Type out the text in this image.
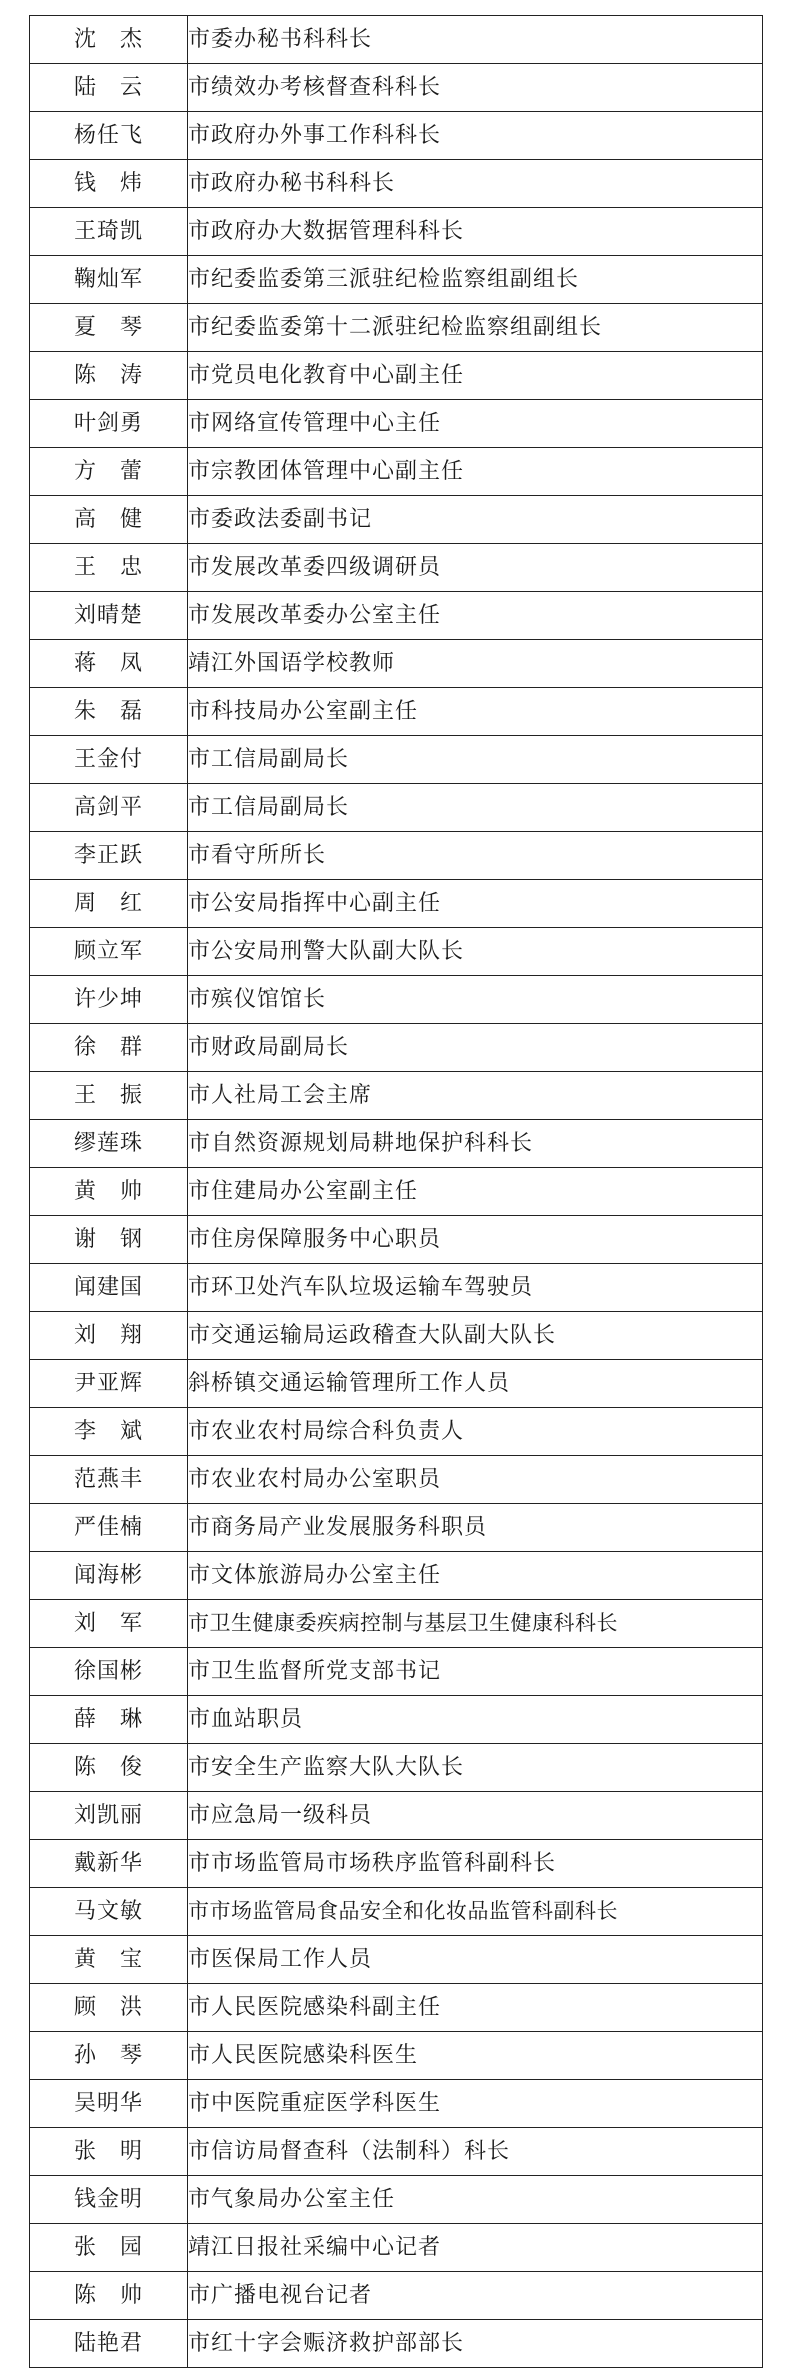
沈　杰	市委办秘书科科长
陆　云	市绩效办考核督查科科长
杨任飞	市政府办外事工作科科长
钱　炜	市政府办秘书科科长
王琦凯	市政府办大数据管理科科长
鞠灿军	市纪委监委第三派驻纪检监察组副组长
夏　琴	市纪委监委第十二派驻纪检监察组副组长
陈　涛	市党员电化教育中心副主任
叶剑勇	市网络宣传管理中心主任
方　蕾	市宗教团体管理中心副主任
高　健	市委政法委副书记
王　忠	市发展改革委四级调研员
刘晴楚	市发展改革委办公室主任
蒋　凤	靖江外国语学校教师
朱　磊	市科技局办公室副主任
王金付	市工信局副局长
高剑平	市工信局副局长
李正跃	市看守所所长
周　红	市公安局指挥中心副主任
顾立军	市公安局刑警大队副大队长
许少坤	市殡仪馆馆长
徐　群	市财政局副局长
王　振	市人社局工会主席
缪莲珠	市自然资源规划局耕地保护科科长
黄　帅	市住建局办公室副主任
谢　钢	市住房保障服务中心职员
闻建国	市环卫处汽车队垃圾运输车驾驶员
刘　翔	市交通运输局运政稽查大队副大队长
尹亚辉	斜桥镇交通运输管理所工作人员
李　斌	市农业农村局综合科负责人
范燕丰	市农业农村局办公室职员
严佳楠	市商务局产业发展服务科职员
闻海彬	市文体旅游局办公室主任
刘　军	市卫生健康委疾病控制与基层卫生健康科科长
徐国彬	市卫生监督所党支部书记
薛　琳	市血站职员
陈　俊	市安全生产监察大队大队长
刘凯丽	市应急局一级科员
戴新华	市市场监管局市场秩序监管科副科长
马文敏	市市场监管局食品安全和化妆品监管科副科长
黄　宝	市医保局工作人员
顾　洪	市人民医院感染科副主任
孙　琴	市人民医院感染科医生
吴明华	市中医院重症医学科医生
张　明	市信访局督查科（法制科）科长
钱金明	市气象局办公室主任
张　园	靖江日报社采编中心记者
陈　帅	市广播电视台记者
陆艳君	市红十字会赈济救护部部长
